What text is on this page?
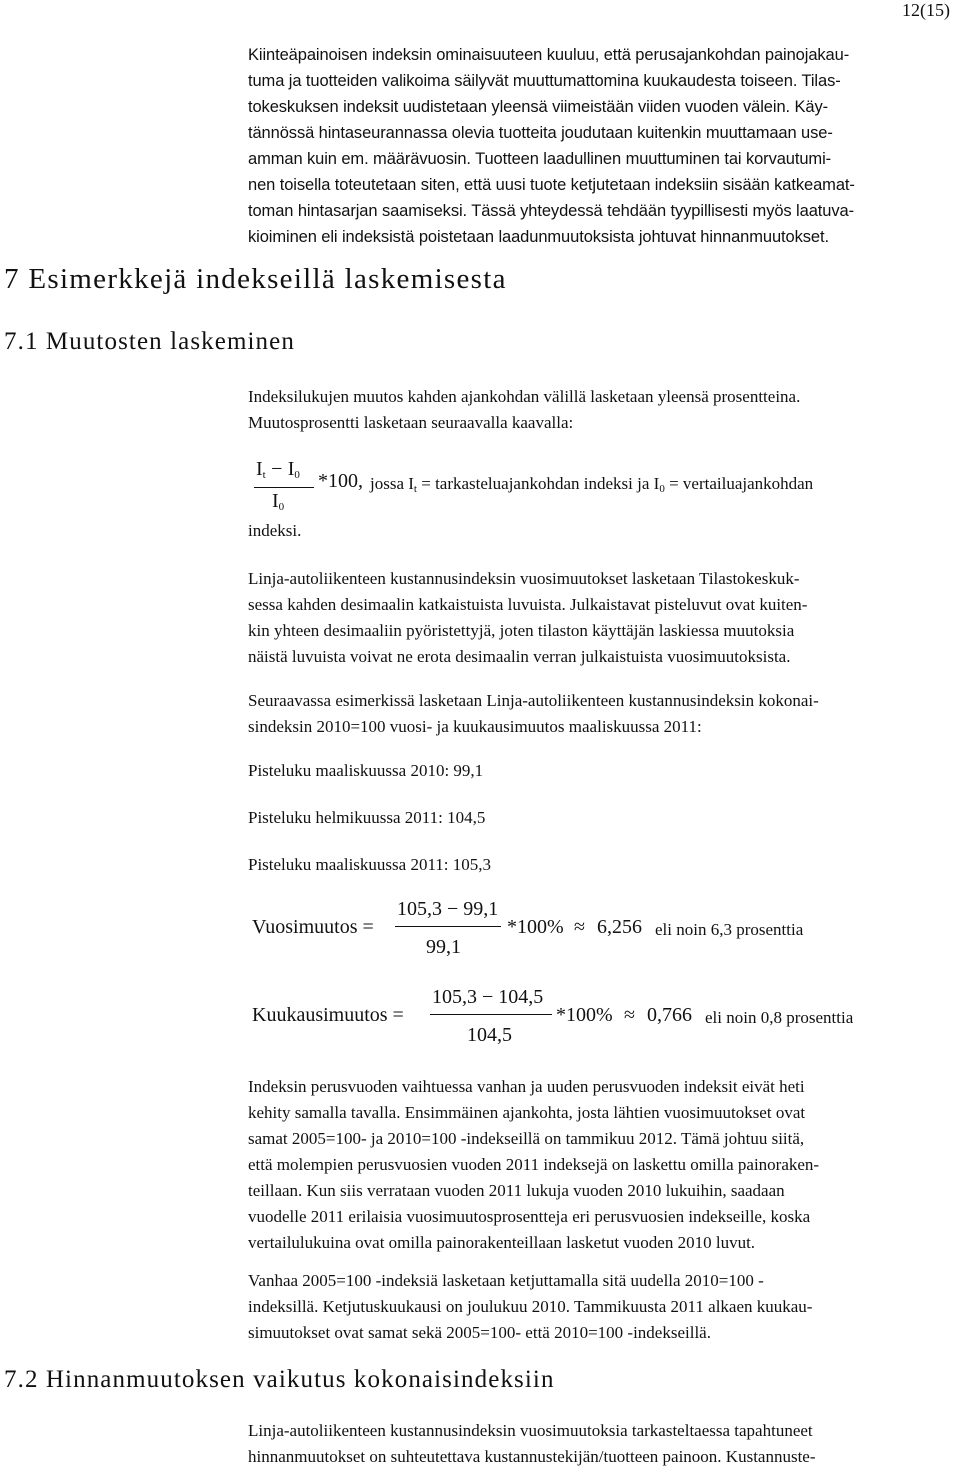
12(15)

Kiinteäpainoisen indeksin ominaisuuteen kuuluu, että perusajankohdan painojakau-
tuma ja tuotteiden valikoima säilyvät muuttumattomina kuukaudesta toiseen. Tilas-
tokeskuksen indeksit uudistetaan yleensä viimeistään viiden vuoden välein. Käy-
tännössä hintaseurannassa olevia tuotteita joudutaan kuitenkin muuttamaan use-
amman kuin em. määrävuosin. Tuotteen laadullinen muuttuminen tai korvautumi-
nen toisella toteutetaan siten, että uusi tuote ketjutetaan indeksiin sisään katkeamat-
toman hintasarjan saamiseksi. Tässä yhteydessä tehdään tyypillisesti myös laatuva-
kioiminen eli indeksistä poistetaan laadunmuutoksista johtuvat hinnanmuutokset.

7 Esimerkkejä indekseillä laskemisesta
7.1 Muutosten laskeminen

Indeksilukujen muutos kahden ajankohdan välillä lasketaan yleensä prosentteina.
Muutosprosentti lasketaan seuraavalla kaavalla:

$I_t - I_0$
$I_0$
*100, jossa $I_t$ = tarkasteluajankohdan indeksi ja $I_0$ = vertailuajankohdan
indeksi.

Linja-autoliikenteen kustannusindeksin vuosimuutokset lasketaan Tilastokeskuk-
sessa kahden desimaalin katkaistuista luvuista. Julkaistavat pisteluvut ovat kuiten-
kin yhteen desimaaliin pyöristettyjä, joten tilaston käyttäjän laskiessa muutoksia
näistä luvuista voivat ne erota desimaalin verran julkaistuista vuosimuutoksista.

Seuraavassa esimerkissä lasketaan Linja-autoliikenteen kustannusindeksin kokonai-
sindeksin 2010=100 vuosi- ja kuukausimuutos maaliskuussa 2011:

Pisteluku maaliskuussa 2010: 99,1
Pisteluku helmikuussa 2011: 104,5
Pisteluku maaliskuussa 2011: 105,3
Vuosimuutos =
105,3 − 99,1
99,1
*100% ≈ 6,256 eli noin 6,3 prosenttia
Kuukausimuutos =
105,3 − 104,5
104,5
*100% ≈ 0,766 eli noin 0,8 prosenttia

Indeksin perusvuoden vaihtuessa vanhan ja uuden perusvuoden indeksit eivät heti
kehity samalla tavalla. Ensimmäinen ajankohta, josta lähtien vuosimuutokset ovat
samat 2005=100- ja 2010=100 -indekseillä on tammikuu 2012. Tämä johtuu siitä,
että molempien perusvuosien vuoden 2011 indeksejä on laskettu omilla painoraken-
teillaan. Kun siis verrataan vuoden 2011 lukuja vuoden 2010 lukuihin, saadaan
vuodelle 2011 erilaisia vuosimuutosprosentteja eri perusvuosien indekseille, koska
vertailulukuina ovat omilla painorakenteillaan lasketut vuoden 2010 luvut.

Vanhaa 2005=100 -indeksiä lasketaan ketjuttamalla sitä uudella 2010=100 -
indeksillä. Ketjutuskuukausi on joulukuu 2010. Tammikuusta 2011 alkaen kuukau-
simuutokset ovat samat sekä 2005=100- että 2010=100 -indekseillä.

7.2 Hinnanmuutoksen vaikutus kokonaisindeksiin

Linja-autoliikenteen kustannusindeksin vuosimuutoksia tarkasteltaessa tapahtuneet
hinnanmuutokset on suhteutettava kustannustekijän/tuotteen painoon. Kustannuste-
